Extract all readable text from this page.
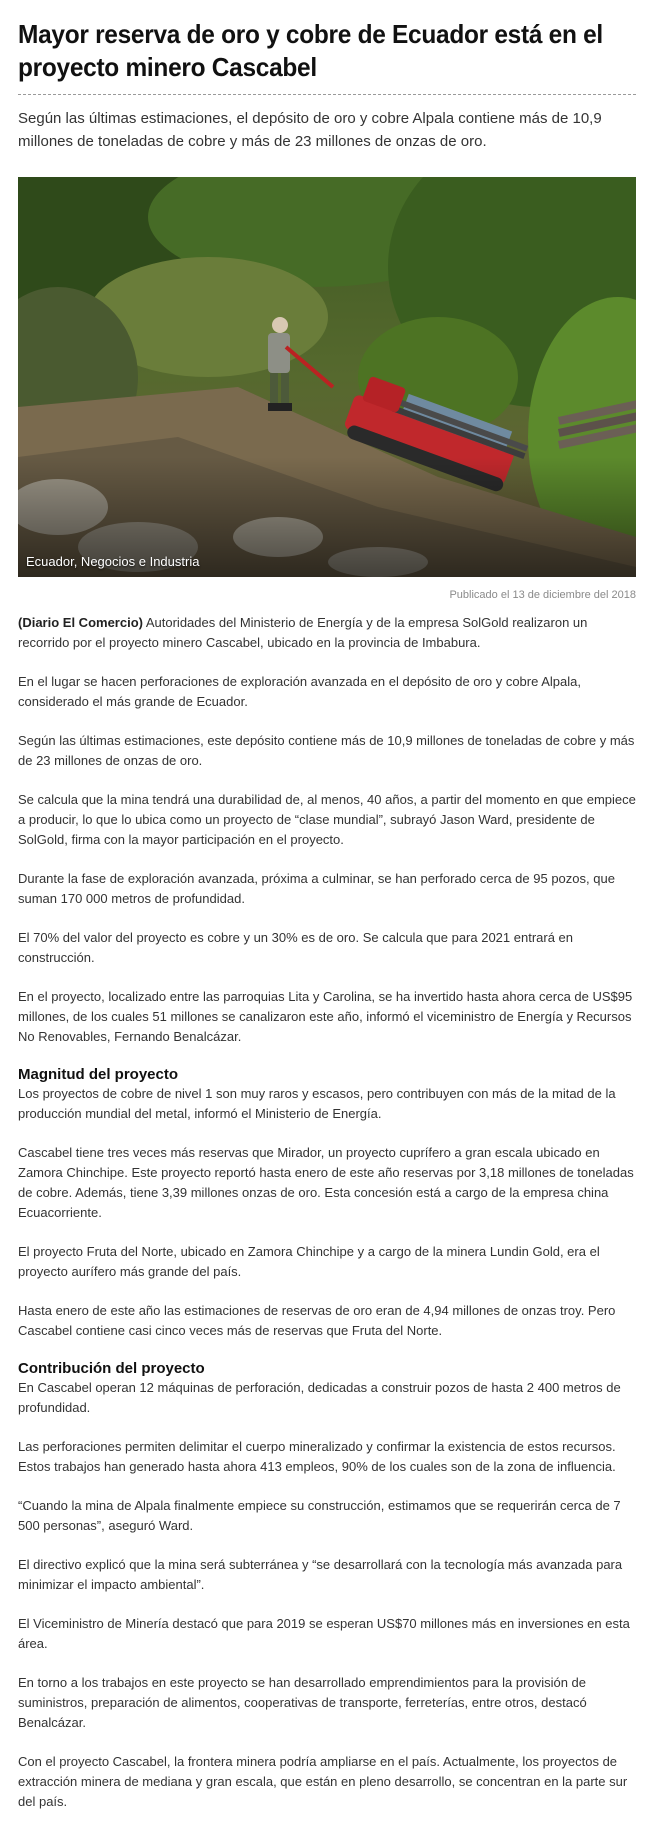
Mayor reserva de oro y cobre de Ecuador está en el proyecto minero Cascabel

Según las últimas estimaciones, el depósito de oro y cobre Alpala contiene más de 10,9 millones de toneladas de cobre y más de 23 millones de onzas de oro.

Ecuador, Negocios e Industria
Publicado el 13 de diciembre del 2018

(Diario El Comercio) Autoridades del Ministerio de Energía y de la empresa SolGold realizaron un recorrido por el proyecto minero Cascabel, ubicado en la provincia de Imbabura.

En el lugar se hacen perforaciones de exploración avanzada en el depósito de oro y cobre Alpala, considerado el más grande de Ecuador.

Según las últimas estimaciones, este depósito contiene más de 10,9 millones de toneladas de cobre y más de 23 millones de onzas de oro.

Se calcula que la mina tendrá una durabilidad de, al menos, 40 años, a partir del momento en que empiece a producir, lo que lo ubica como un proyecto de “clase mundial”, subrayó Jason Ward, presidente de SolGold, firma con la mayor participación en el proyecto.

Durante la fase de exploración avanzada, próxima a culminar, se han perforado cerca de 95 pozos, que suman 170 000 metros de profundidad.

El 70% del valor del proyecto es cobre y un 30% es de oro. Se calcula que para 2021 entrará en construcción.

En el proyecto, localizado entre las parroquias Lita y Carolina, se ha invertido hasta ahora cerca de US$95 millones, de los cuales 51 millones se canalizaron este año, informó el viceministro de Energía y Recursos No Renovables, Fernando Benalcázar.

Magnitud del proyecto

Los proyectos de cobre de nivel 1 son muy raros y escasos, pero contribuyen con más de la mitad de la producción mundial del metal, informó el Ministerio de Energía.

Cascabel tiene tres veces más reservas que Mirador, un proyecto cuprífero a gran escala ubicado en Zamora Chinchipe. Este proyecto reportó hasta enero de este año reservas por 3,18 millones de toneladas de cobre. Además, tiene 3,39 millones onzas de oro. Esta concesión está a cargo de la empresa china Ecuacorriente.

El proyecto Fruta del Norte, ubicado en Zamora Chinchipe y a cargo de la minera Lundin Gold, era el proyecto aurífero más grande del país.

Hasta enero de este año las estimaciones de reservas de oro eran de 4,94 millones de onzas troy. Pero Cascabel contiene casi cinco veces más de reservas que Fruta del Norte.

Contribución del proyecto

En Cascabel operan 12 máquinas de perforación, dedicadas a construir pozos de hasta 2 400 metros de profundidad.

Las perforaciones permiten delimitar el cuerpo mineralizado y confirmar la existencia de estos recursos. Estos trabajos han generado hasta ahora 413 empleos, 90% de los cuales son de la zona de influencia.

“Cuando la mina de Alpala finalmente empiece su construcción, estimamos que se requerirán cerca de 7 500 personas”, aseguró Ward.

El directivo explicó que la mina será subterránea y “se desarrollará con la tecnología más avanzada para minimizar el impacto ambiental”.

El Viceministro de Minería destacó que para 2019 se esperan US$70 millones más en inversiones en esta área.

En torno a los trabajos en este proyecto se han desarrollado emprendimientos para la provisión de suministros, preparación de alimentos, cooperativas de transporte, ferreterías, entre otros, destacó Benalcázar.

Con el proyecto Cascabel, la frontera minera podría ampliarse en el país. Actualmente, los proyectos de extracción minera de mediana y gran escala, que están en pleno desarrollo, se concentran en la parte sur del país.
